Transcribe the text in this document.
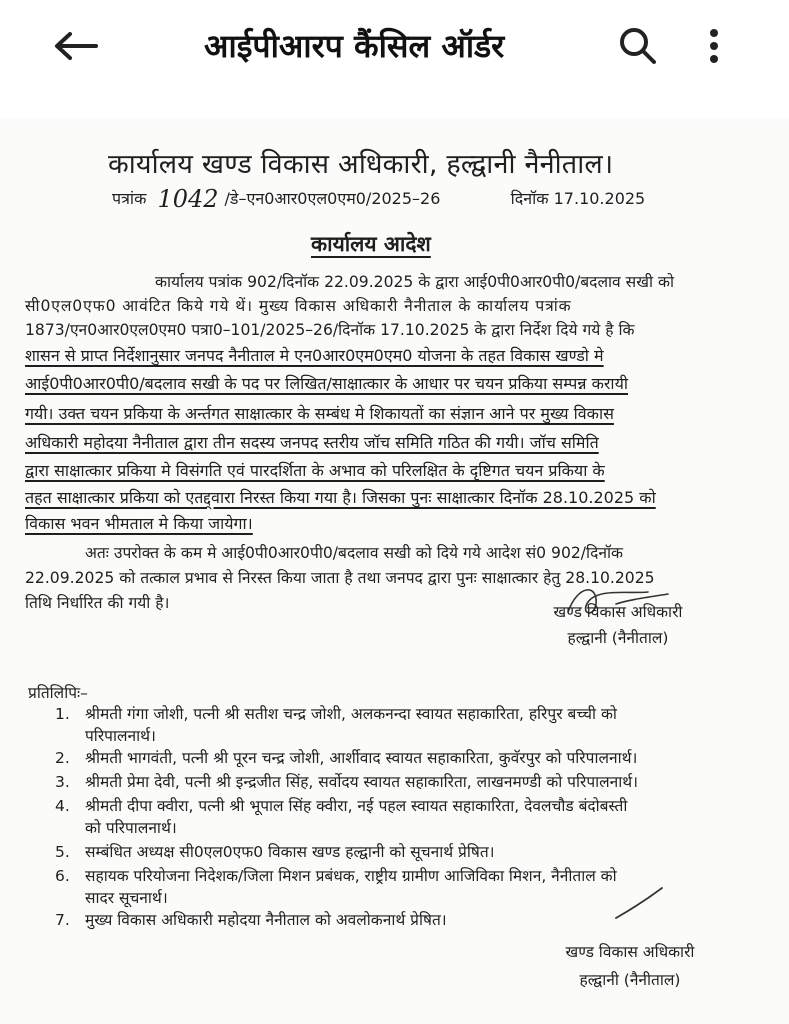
आईपीआरप कैंसिल ऑर्डर
कार्यालय खण्ड विकास अधिकारी, हल्द्वानी नैनीताल।
पत्रांक 1042 /डे–एन0आर0एल0एम0/2025–26	दिनॉक 17.10.2025
कार्यालय आदेश
कार्यालय पत्रांक 902/दिनॉक 22.09.2025 के द्वारा आई0पी0आर0पी0/बदलाव सखी को
सी0एल0एफ0 आवंटित किये गये थें। मुख्य विकास अधिकारी नैनीताल के कार्यालय पत्रांक
1873/एन0आर0एल0एम0 पत्रा0–101/2025–26/दिनॉक 17.10.2025 के द्वारा निर्देश दिये गये है कि
शासन से प्राप्त निर्देशानुसार जनपद नैनीताल मे एन0आर0एम0एम0 योजना के तहत विकास खण्डो मे
आई0पी0आर0पी0/बदलाव सखी के पद पर लिखित/साक्षात्कार के आधार पर चयन प्रकिया सम्पन्न करायी
गयी। उक्त चयन प्रकिया के अर्न्तगत साक्षात्कार के सम्बंध मे शिकायतों का संज्ञान आने पर मुख्य विकास
अधिकारी महोदया नैनीताल द्वारा तीन सदस्य जनपद स्तरीय जॉच समिति गठित की गयी। जॉच समिति
द्वारा साक्षात्कार प्रकिया मे विसंगति एवं पारदर्शिता के अभाव को परिलक्षित के दृष्टिगत चयन प्रकिया के
तहत साक्षात्कार प्रकिया को एतद्द्वारा निरस्त किया गया है। जिसका पुनः साक्षात्कार दिनॉक 28.10.2025 को
विकास भवन भीमताल मे किया जायेगा।
अतः उपरोक्त के कम मे आई0पी0आर0पी0/बदलाव सखी को दिये गये आदेश सं0 902/दिनॉक
22.09.2025 को तत्काल प्रभाव से निरस्त किया जाता है तथा जनपद द्वारा पुनः साक्षात्कार हेतु 28.10.2025
तिथि निर्धारित की गयी है।	खण्ड विकास अधिकारी
हल्द्वानी (नैनीताल)
प्रतिलिपिः–
1. श्रीमती गंगा जोशी, पत्नी श्री सतीश चन्द्र जोशी, अलकनन्दा स्वायत सहाकारिता, हरिपुर बच्ची को
परिपालनार्थ।
2. श्रीमती भागवंती, पत्नी श्री पूरन चन्द्र जोशी, आर्शीवाद स्वायत सहाकारिता, कुवॅरपुर को परिपालनार्थ।
3. श्रीमती प्रेमा देवी, पत्नी श्री इन्द्रजीत सिंह, सर्वोदय स्वायत सहाकारिता, लाखनमण्डी को परिपालनार्थ।
4. श्रीमती दीपा क्वीरा, पत्नी श्री भूपाल सिंह क्वीरा, नई पहल स्वायत सहाकारिता, देवलचौड बंदोबस्ती
को परिपालनार्थ।
5. सम्बंधित अध्यक्ष सी0एल0एफ0 विकास खण्ड हल्द्वानी को सूचनार्थ प्रेषित।
6. सहायक परियोजना निदेशक/जिला मिशन प्रबंधक, राष्ट्रीय ग्रामीण आजिविका मिशन, नैनीताल को
सादर सूचनार्थ।
7. मुख्य विकास अधिकारी महोदया नैनीताल को अवलोकनार्थ प्रेषित।
खण्ड विकास अधिकारी
हल्द्वानी (नैनीताल)
